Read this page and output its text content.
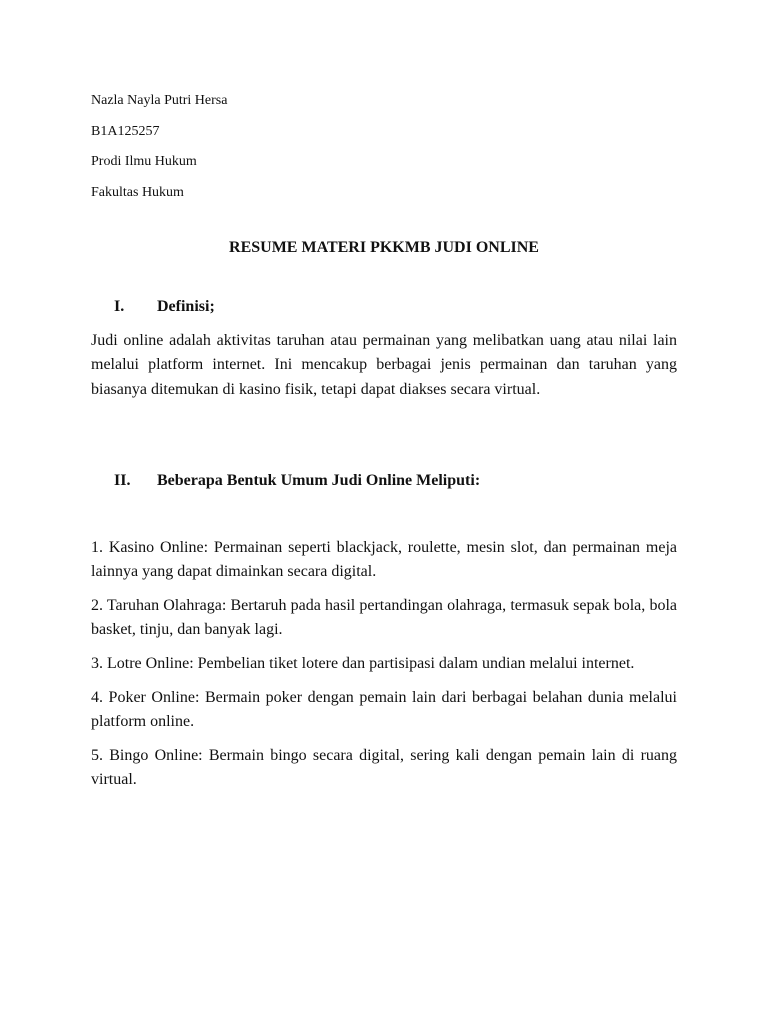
Nazla Nayla Putri Hersa

B1A125257

Prodi Ilmu Hukum

Fakultas Hukum

RESUME MATERI PKKMB JUDI ONLINE
I.	Definisi;

Judi online adalah aktivitas taruhan atau permainan yang melibatkan uang atau nilai lain melalui platform internet. Ini mencakup berbagai jenis permainan dan taruhan yang biasanya ditemukan di kasino fisik, tetapi dapat diakses secara virtual.

II.	Beberapa Bentuk Umum Judi Online Meliputi:

1. Kasino Online: Permainan seperti blackjack, roulette, mesin slot, dan permainan meja lainnya yang dapat dimainkan secara digital.

2. Taruhan Olahraga: Bertaruh pada hasil pertandingan olahraga, termasuk sepak bola, bola basket, tinju, dan banyak lagi.

3. Lotre Online: Pembelian tiket lotere dan partisipasi dalam undian melalui internet.

4. Poker Online: Bermain poker dengan pemain lain dari berbagai belahan dunia melalui platform online.

5. Bingo Online: Bermain bingo secara digital, sering kali dengan pemain lain di ruang virtual.
